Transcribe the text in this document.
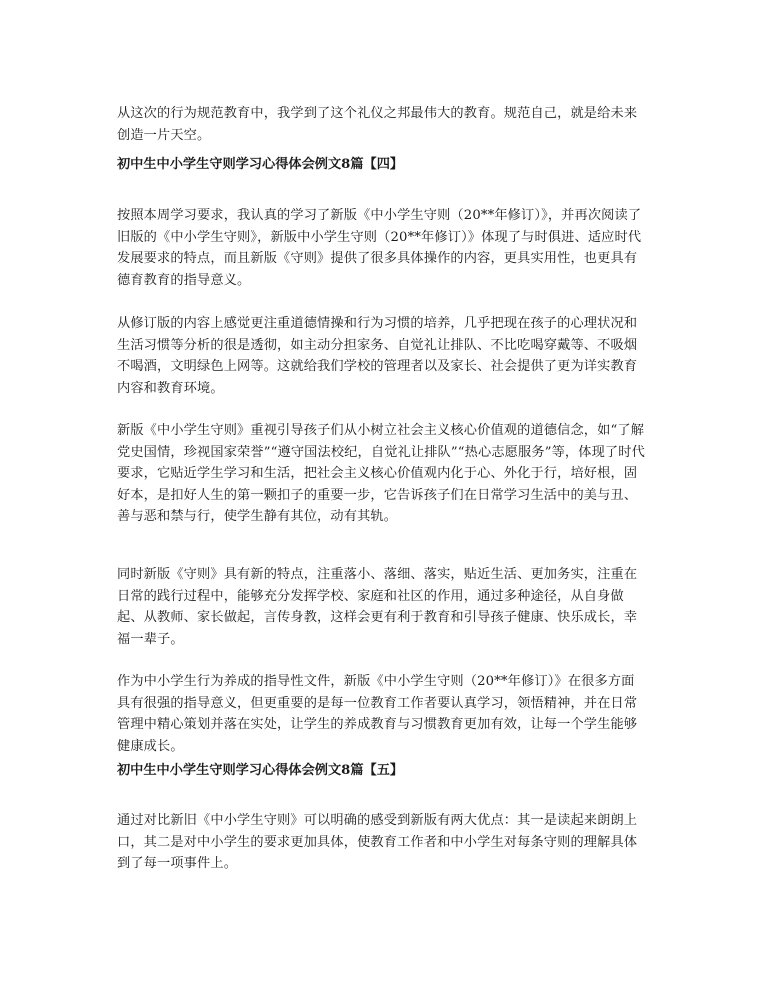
从这次的行为规范教育中，我学到了这个礼仪之邦最伟大的教育。规范自己，就是给未来创造一片天空。

初中生中小学生守则学习心得体会例文8篇【四】

按照本周学习要求，我认真的学习了新版《中小学生守则（20**年修订）》，并再次阅读了旧版的《中小学生守则》，新版中小学生守则（20**年修订）》体现了与时俱进、适应时代发展要求的特点，而且新版《守则》提供了很多具体操作的内容，更具实用性，也更具有德育教育的指导意义。

从修订版的内容上感觉更注重道德情操和行为习惯的培养，几乎把现在孩子的心理状况和生活习惯等分析的很是透彻，如主动分担家务、自觉礼让排队、不比吃喝穿戴等、不吸烟不喝酒，文明绿色上网等。这就给我们学校的管理者以及家长、社会提供了更为详实教育内容和教育环境。

新版《中小学生守则》重视引导孩子们从小树立社会主义核心价值观的道德信念，如“了解党史国情，珍视国家荣誉”“遵守国法校纪，自觉礼让排队”“热心志愿服务”等，体现了时代要求，它贴近学生学习和生活，把社会主义核心价值观内化于心、外化于行，培好根，固好本，是扣好人生的第一颗扣子的重要一步，它告诉孩子们在日常学习生活中的美与丑、善与恶和禁与行，使学生静有其位，动有其轨。

同时新版《守则》具有新的特点，注重落小、落细、落实，贴近生活、更加务实，注重在日常的践行过程中，能够充分发挥学校、家庭和社区的作用，通过多种途径，从自身做起、从教师、家长做起，言传身教，这样会更有利于教育和引导孩子健康、快乐成长，幸福一辈子。

作为中小学生行为养成的指导性文件，新版《中小学生守则（20**年修订）》在很多方面具有很强的指导意义，但更重要的是每一位教育工作者要认真学习，领悟精神，并在日常管理中精心策划并落在实处，让学生的养成教育与习惯教育更加有效，让每一个学生能够健康成长。

初中生中小学生守则学习心得体会例文8篇【五】

通过对比新旧《中小学生守则》可以明确的感受到新版有两大优点：其一是读起来朗朗上口，其二是对中小学生的要求更加具体，使教育工作者和中小学生对每条守则的理解具体到了每一项事件上。
